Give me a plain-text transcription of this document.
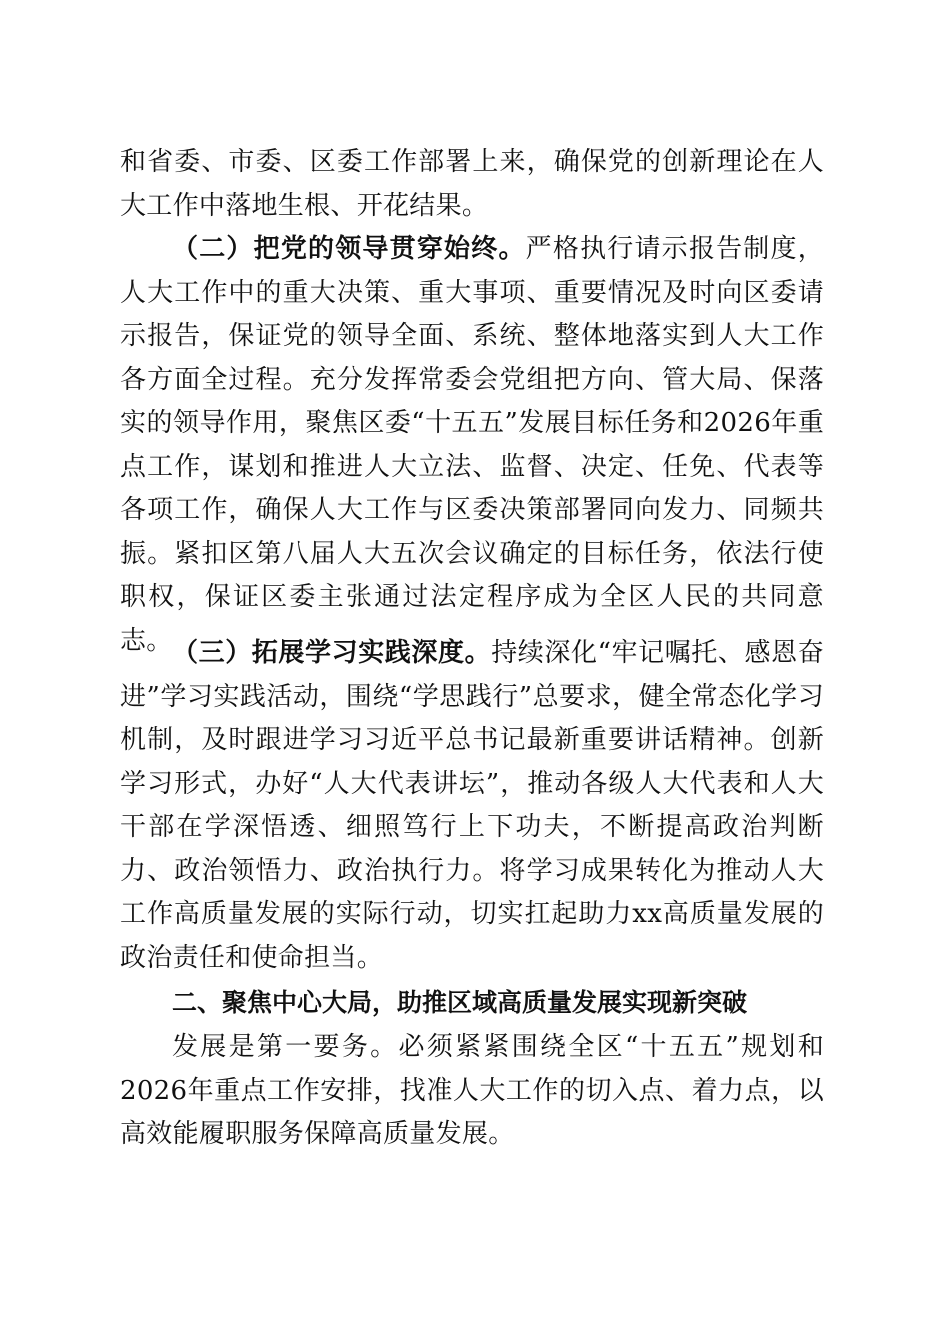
和省委、市委、区委工作部署上来，确保党的创新理论在人大工作中落地生根、开花结果。

（二）把党的领导贯穿始终。严格执行请示报告制度，人大工作中的重大决策、重大事项、重要情况及时向区委请示报告，保证党的领导全面、系统、整体地落实到人大工作各方面全过程。充分发挥常委会党组把方向、管大局、保落实的领导作用，聚焦区委“十五五”发展目标任务和2026年重点工作，谋划和推进人大立法、监督、决定、任免、代表等各项工作，确保人大工作与区委决策部署同向发力、同频共振。紧扣区第八届人大五次会议确定的目标任务，依法行使职权，保证区委主张通过法定程序成为全区人民的共同意志。 （三）拓展学习实践深度。持续深化“牢记嘱托、感恩奋进”学习实践活动，围绕“学思践行”总要求，健全常态化学习机制，及时跟进学习习近平总书记最新重要讲话精神。创新学习形式，办好“人大代表讲坛”，推动各级人大代表和人大干部在学深悟透、细照笃行上下功夫，不断提高政治判断力、政治领悟力、政治执行力。将学习成果转化为推动人大工作高质量发展的实际行动，切实扛起助力xx高质量发展的政治责任和使命担当。

二、聚焦中心大局，助推区域高质量发展实现新突破

发展是第一要务。必须紧紧围绕全区“十五五”规划和2026年重点工作安排，找准人大工作的切入点、着力点，以高效能履职服务保障高质量发展。
